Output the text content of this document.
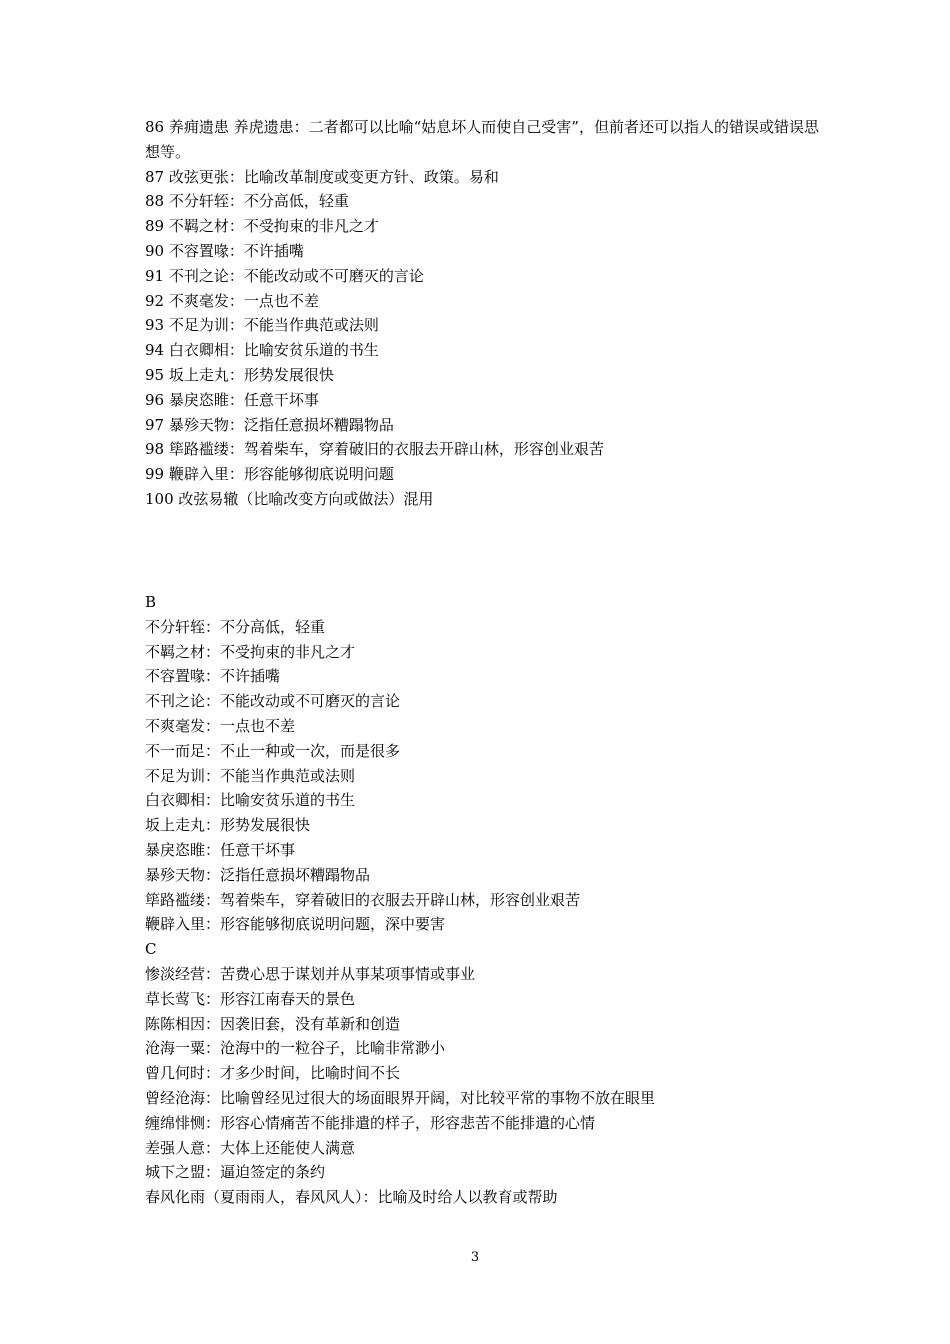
86 养痈遗患 养虎遗患：二者都可以比喻“姑息坏人而使自己受害”，但前者还可以指人的错误或错误思想等。

87 改弦更张：比喻改革制度或变更方针、政策。易和

88 不分轩轾：不分高低，轻重

89 不羁之材：不受拘束的非凡之才

90 不容置喙：不许插嘴

91 不刊之论：不能改动或不可磨灭的言论

92 不爽毫发：一点也不差

93 不足为训：不能当作典范或法则

94 白衣卿相：比喻安贫乐道的书生

95 坂上走丸：形势发展很快

96 暴戾恣睢：任意干坏事

97 暴殄天物：泛指任意损坏糟蹋物品

98 筚路褴缕：驾着柴车，穿着破旧的衣服去开辟山林，形容创业艰苦

99 鞭辟入里：形容能够彻底说明问题

100 改弦易辙（比喻改变方向或做法）混用

B

不分轩轾：不分高低，轻重

不羁之材：不受拘束的非凡之才

不容置喙：不许插嘴

不刊之论：不能改动或不可磨灭的言论

不爽毫发：一点也不差

不一而足：不止一种或一次，而是很多

不足为训：不能当作典范或法则

白衣卿相：比喻安贫乐道的书生

坂上走丸：形势发展很快

暴戾恣睢：任意干坏事

暴殄天物：泛指任意损坏糟蹋物品

筚路褴缕：驾着柴车，穿着破旧的衣服去开辟山林，形容创业艰苦

鞭辟入里：形容能够彻底说明问题，深中要害

C

惨淡经营：苦费心思于谋划并从事某项事情或事业

草长莺飞：形容江南春天的景色

陈陈相因：因袭旧套，没有革新和创造

沧海一粟：沧海中的一粒谷子，比喻非常渺小

曾几何时：才多少时间，比喻时间不长

曾经沧海：比喻曾经见过很大的场面眼界开阔，对比较平常的事物不放在眼里

缠绵悱恻：形容心情痛苦不能排遣的样子，形容悲苦不能排遣的心情

差强人意：大体上还能使人满意

城下之盟：逼迫签定的条约

春风化雨（夏雨雨人，春风风人）：比喻及时给人以教育或帮助

3
